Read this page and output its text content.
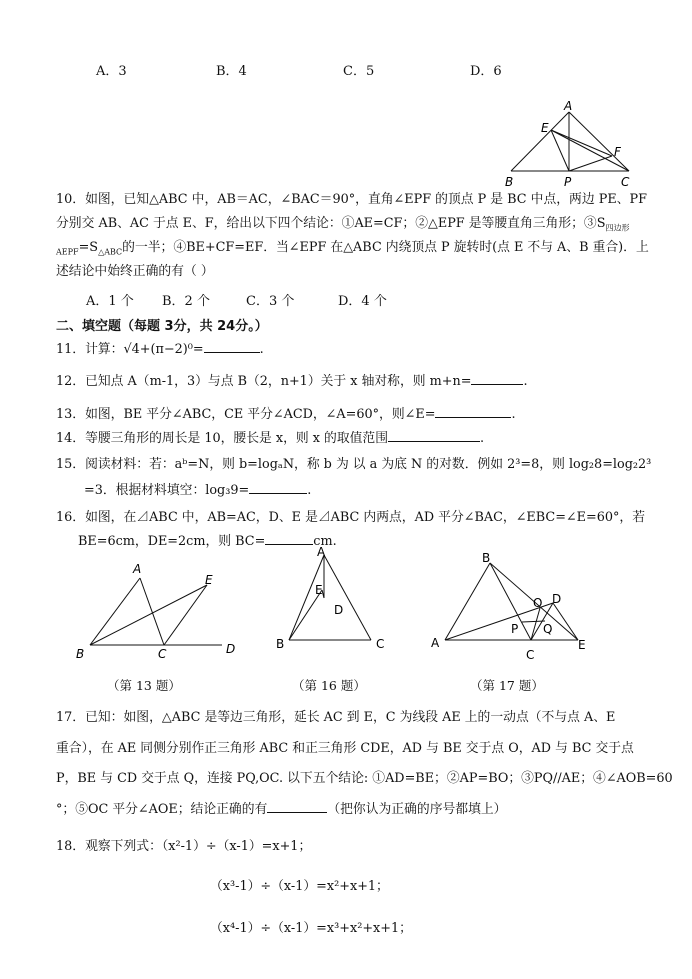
A．3	B．4	C．5	D．6
A
E
F
B	P	C
10．如图，已知△ABC 中，AB＝AC，∠BAC＝90°，直角∠EPF 的顶点 P 是 BC 中点，两边 PE、PF
分别交 AB、AC 于点 E、F，给出以下四个结论：①AE=CF；②△EPF 是等腰直角三角形；$③S_{四边形}$
$_{AEPF}=S_{\triangle ABC}$的一半；④BE+CF=EF．当∠EPF 在△ABC 内绕顶点 P 旋转时(点 E 不与 A、B 重合)．上
述结论中始终正确的有（ ）
A．1 个 B．2 个	C．3 个	D．4 个
二、填空题（每题 3分，共 24分。）
11．计算：√4+(π−2)⁰=	.
12．已知点 A（m-1，3）与点 B（2，n+1）关于 x 轴对称，则 m+n=	.
13．如图，BE 平分∠ABC，CE 平分∠ACD，∠A=60°，则∠E=	.
14．等腰三角形的周长是 10，腰长是 x，则 x 的取值范围	.
15．阅读材料：若：aᵇ=N，则 b=logₐN，称 b 为 以 a 为底 N 的对数．例如 2³=8，则 log₂8=log₂2³
=3．根据材料填空：log₃9=	.
16．如图，在⊿ABC 中，AB=AC，D、E 是⊿ABC 内两点，AD 平分∠BAC，∠EBC=∠E=60°，若
BE=6cm，DE=2cm，则 BC=	cm.
A
E
B	C	D
A
E
D
B	C
B
D
O
P Q
A
C
E
（第 13 题）	（第 16 题）	（第 17 题）
17．已知：如图，△ABC 是等边三角形，延长 AC 到 E，C 为线段 AE 上的一动点（不与点 A、E
重合），在 AE 同侧分别作正三角形 ABC 和正三角形 CDE，AD 与 BE 交于点 O，AD 与 BC 交于点
P，BE 与 CD 交于点 Q，连接 PQ,OC. 以下五个结论: ①AD=BE；②AP=BO；③PQ//AE；④∠AOB=60
°；⑤OC 平分∠AOE；结论正确的有	（把你认为正确的序号都填上）
18．观察下列式：（x²-1）÷（x-1）=x+1；
（x³-1）÷（x-1）=x²+x+1；
（x⁴-1）÷（x-1）=x³+x²+x+1；
